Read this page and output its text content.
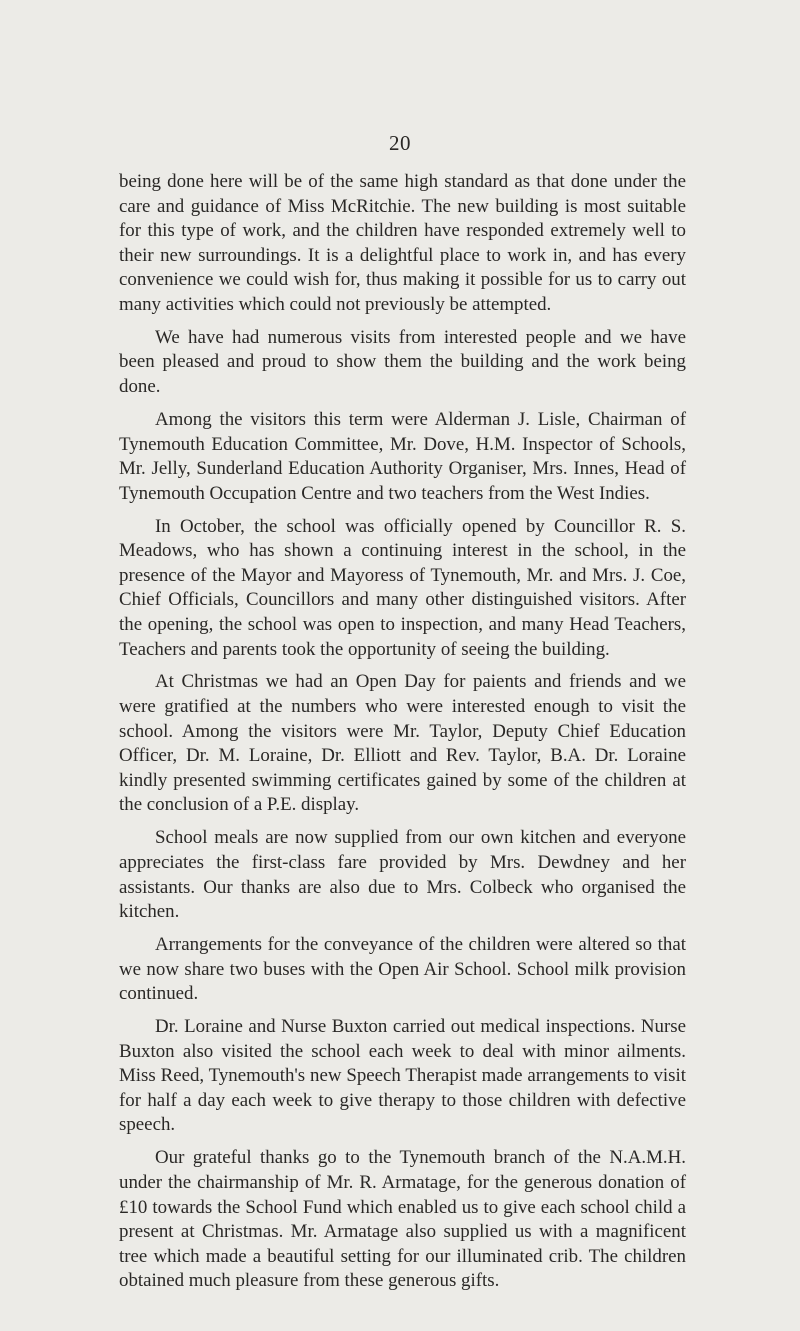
20

being done here will be of the same high standard as that done under the care and guidance of Miss McRitchie. The new building is most suitable for this type of work, and the children have responded extremely well to their new surroundings. It is a delightful place to work in, and has every convenience we could wish for, thus making it possible for us to carry out many activities which could not previously be attempted.

We have had numerous visits from interested people and we have been pleased and proud to show them the building and the work being done.

Among the visitors this term were Alderman J. Lisle, Chairman of Tynemouth Education Committee, Mr. Dove, H.M. Inspector of Schools, Mr. Jelly, Sunderland Education Authority Organiser, Mrs. Innes, Head of Tynemouth Occupation Centre and two teachers from the West Indies.

In October, the school was officially opened by Councillor R. S. Meadows, who has shown a continuing interest in the school, in the presence of the Mayor and Mayoress of Tynemouth, Mr. and Mrs. J. Coe, Chief Officials, Councillors and many other distinguished visitors. After the opening, the school was open to inspection, and many Head Teachers, Teachers and parents took the opportunity of seeing the building.

At Christmas we had an Open Day for paients and friends and we were gratified at the numbers who were interested enough to visit the school. Among the visitors were Mr. Taylor, Deputy Chief Education Officer, Dr. M. Loraine, Dr. Elliott and Rev. Taylor, B.A. Dr. Loraine kindly presented swimming certificates gained by some of the children at the conclusion of a P.E. display.

School meals are now supplied from our own kitchen and everyone appreciates the first-class fare provided by Mrs. Dewdney and her assistants. Our thanks are also due to Mrs. Colbeck who organised the kitchen.

Arrangements for the conveyance of the children were altered so that we now share two buses with the Open Air School. School milk provision continued.

Dr. Loraine and Nurse Buxton carried out medical inspections. Nurse Buxton also visited the school each week to deal with minor ailments. Miss Reed, Tynemouth's new Speech Therapist made arrangements to visit for half a day each week to give therapy to those children with defective speech.

Our grateful thanks go to the Tynemouth branch of the N.A.M.H. under the chairmanship of Mr. R. Armatage, for the generous donation of £10 towards the School Fund which enabled us to give each school child a present at Christmas. Mr. Armatage also supplied us with a magnificent tree which made a beautiful setting for our illuminated crib. The children obtained much pleasure from these generous gifts.
